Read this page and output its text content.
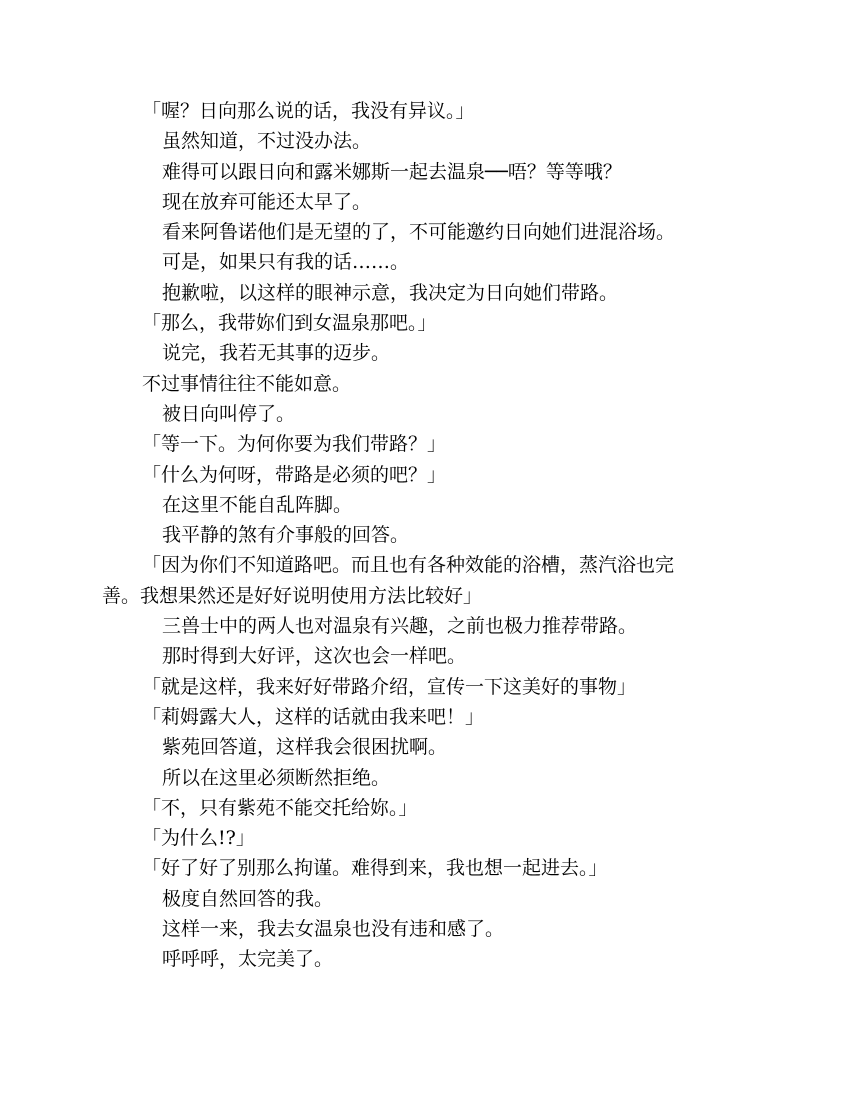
「喔？日向那么说的话，我没有异议。」

虽然知道，不过没办法。

难得可以跟日向和露米娜斯一起去温泉──唔？等等哦？

现在放弃可能还太早了。

看来阿鲁诺他们是无望的了，不可能邀约日向她们进混浴场。

可是，如果只有我的话……。

抱歉啦，以这样的眼神示意，我决定为日向她们带路。

「那么，我带妳们到女温泉那吧。」

说完，我若无其事的迈步。

不过事情往往不能如意。

被日向叫停了。

「等一下。为何你要为我们带路？」

「什么为何呀，带路是必须的吧？」

在这里不能自乱阵脚。

我平静的煞有介事般的回答。

「因为你们不知道路吧。而且也有各种效能的浴槽，蒸汽浴也完

善。我想果然还是好好说明使用方法比较好」

三兽士中的两人也对温泉有兴趣，之前也极力推荐带路。

那时得到大好评，这次也会一样吧。

「就是这样，我来好好带路介绍，宣传一下这美好的事物」

「莉姆露大人，这样的话就由我来吧！」

紫苑回答道，这样我会很困扰啊。

所以在这里必须断然拒绝。

「不，只有紫苑不能交托给妳。」

「为什么!?」

「好了好了别那么拘谨。难得到来，我也想一起进去。」

极度自然回答的我。

这样一来，我去女温泉也没有违和感了。

呼呼呼，太完美了。
